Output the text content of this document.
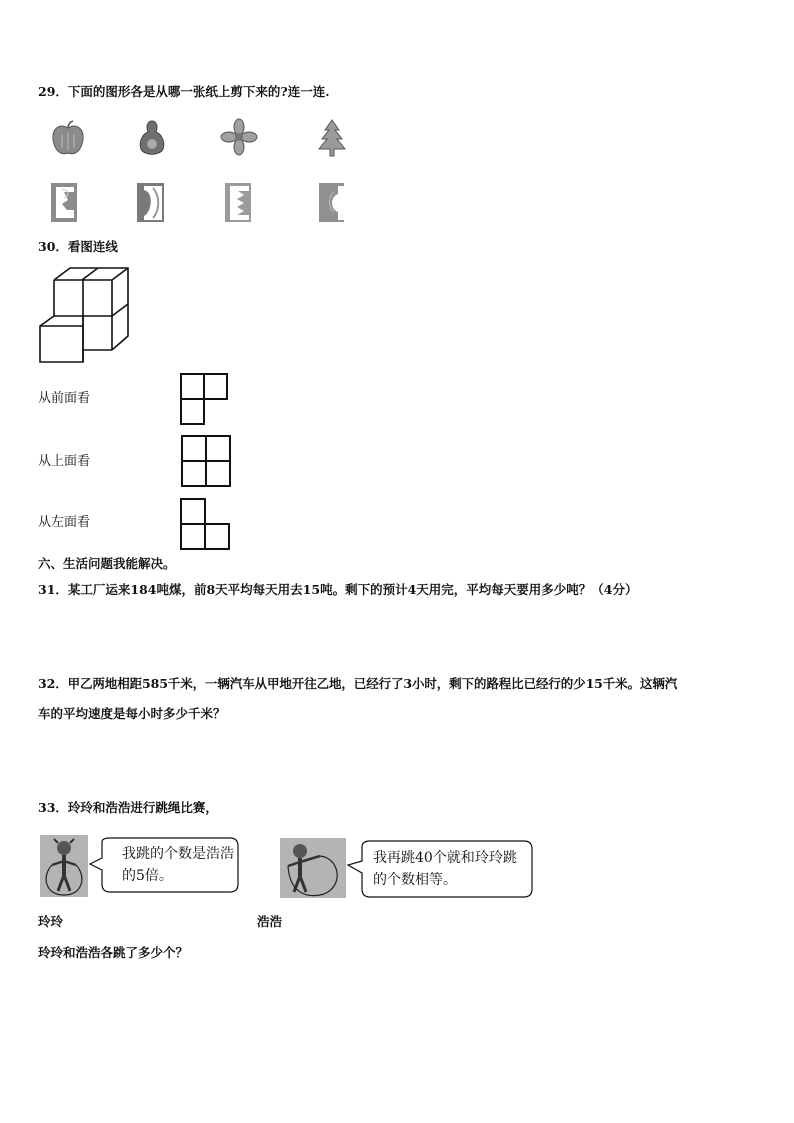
29．下面的图形各是从哪一张纸上剪下来的?连一连.
30．看图连线
从前面看
从上面看
从左面看
六、生活问题我能解决。
31．某工厂运来184吨煤，前8天平均每天用去15吨。剩下的预计4天用完，平均每天要用多少吨？（4分）
32．甲乙两地相距585千米，一辆汽车从甲地开往乙地，已经行了3小时，剩下的路程比已经行的少15千米。这辆汽
车的平均速度是每小时多少千米？
33．玲玲和浩浩进行跳绳比赛，
我跳的个数是浩浩的5倍。
我再跳40个就和玲玲跳的个数相等。
玲玲	浩浩
玲玲和浩浩各跳了多少个？
